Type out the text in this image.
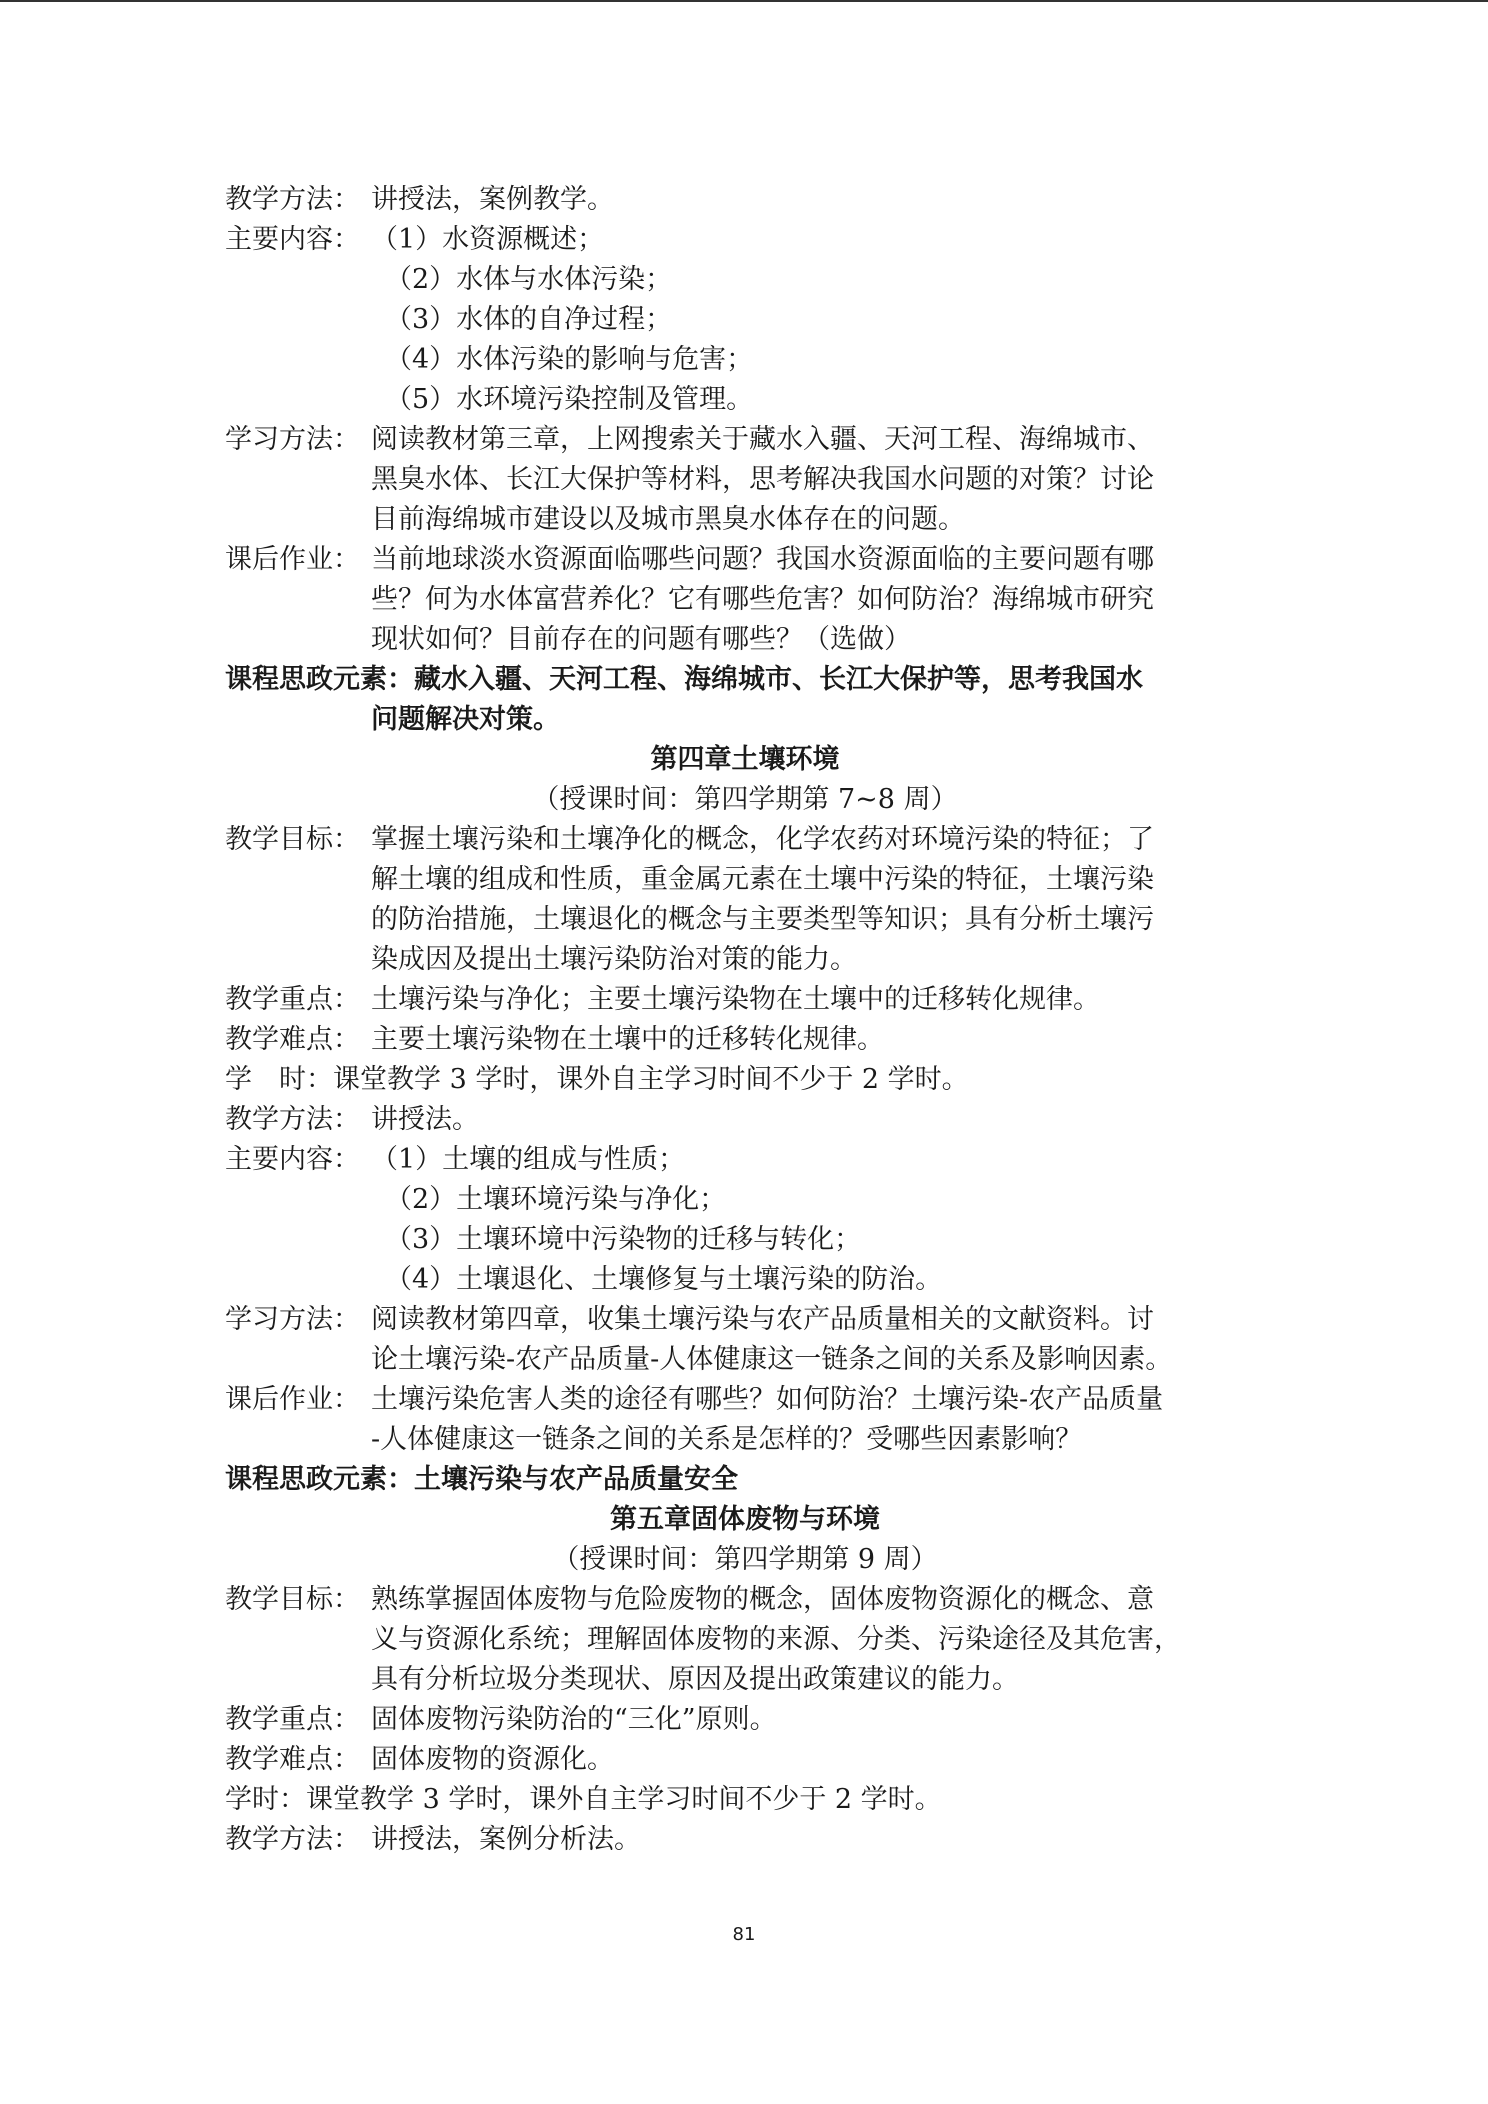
教学方法： 讲授法，案例教学。
主要内容： （1）水资源概述；
（2）水体与水体污染；
（3）水体的自净过程；
（4）水体污染的影响与危害；
（5）水环境污染控制及管理。
学习方法： 阅读教材第三章，上网搜索关于藏水入疆、天河工程、海绵城市、
黑臭水体、长江大保护等材料，思考解决我国水问题的对策？讨论
目前海绵城市建设以及城市黑臭水体存在的问题。
课后作业： 当前地球淡水资源面临哪些问题？我国水资源面临的主要问题有哪
些？何为水体富营养化？它有哪些危害？如何防治？海绵城市研究
现状如何？目前存在的问题有哪些？（选做）
课程思政元素：藏水入疆、天河工程、海绵城市、长江大保护等，思考我国水
问题解决对策。
第四章土壤环境
（授课时间：第四学期第 7~8 周）
教学目标： 掌握土壤污染和土壤净化的概念，化学农药对环境污染的特征；了
解土壤的组成和性质，重金属元素在土壤中污染的特征，土壤污染
的防治措施，土壤退化的概念与主要类型等知识；具有分析土壤污
染成因及提出土壤污染防治对策的能力。
教学重点： 土壤污染与净化；主要土壤污染物在土壤中的迁移转化规律。
教学难点： 主要土壤污染物在土壤中的迁移转化规律。
学　时：课堂教学 3 学时，课外自主学习时间不少于 2 学时。
教学方法： 讲授法。
主要内容： （1）土壤的组成与性质；
（2）土壤环境污染与净化；
（3）土壤环境中污染物的迁移与转化；
（4）土壤退化、土壤修复与土壤污染的防治。
学习方法： 阅读教材第四章，收集土壤污染与农产品质量相关的文献资料。讨
论土壤污染-农产品质量-人体健康这一链条之间的关系及影响因素。
课后作业： 土壤污染危害人类的途径有哪些？如何防治？土壤污染-农产品质量
-人体健康这一链条之间的关系是怎样的？受哪些因素影响？
课程思政元素：土壤污染与农产品质量安全
第五章固体废物与环境
（授课时间：第四学期第 9 周）
教学目标： 熟练掌握固体废物与危险废物的概念，固体废物资源化的概念、意
义与资源化系统；理解固体废物的来源、分类、污染途径及其危害，
具有分析垃圾分类现状、原因及提出政策建议的能力。
教学重点： 固体废物污染防治的“三化”原则。
教学难点： 固体废物的资源化。
学时：课堂教学 3 学时，课外自主学习时间不少于 2 学时。
教学方法： 讲授法，案例分析法。
81
